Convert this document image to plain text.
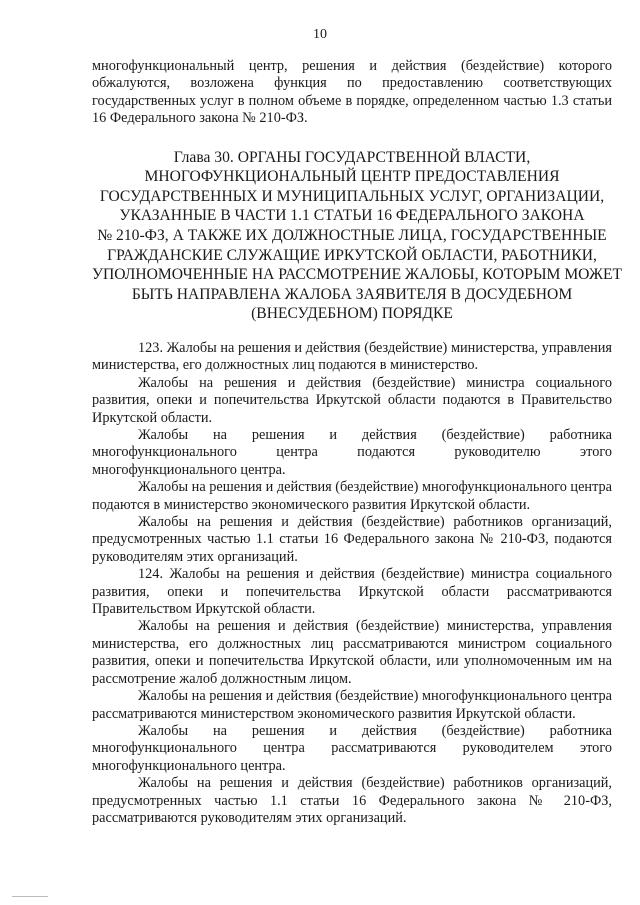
10

многофункциональный центр, решения и действия (бездействие) которого обжалуются, возложена функция по предоставлению соответствующих государственных услуг в полном объеме в порядке, определенном частью 1.3 статьи 16 Федерального закона № 210-ФЗ.

Глава 30. ОРГАНЫ ГОСУДАРСТВЕННОЙ ВЛАСТИ,
МНОГОФУНКЦИОНАЛЬНЫЙ ЦЕНТР ПРЕДОСТАВЛЕНИЯ
ГОСУДАРСТВЕННЫХ И МУНИЦИПАЛЬНЫХ УСЛУГ, ОРГАНИЗАЦИИ,
УКАЗАННЫЕ В ЧАСТИ 1.1 СТАТЬИ 16 ФЕДЕРАЛЬНОГО ЗАКОНА
№ 210-ФЗ, А ТАКЖЕ ИХ ДОЛЖНОСТНЫЕ ЛИЦА, ГОСУДАРСТВЕННЫЕ
ГРАЖДАНСКИЕ СЛУЖАЩИЕ ИРКУТСКОЙ ОБЛАСТИ, РАБОТНИКИ,
УПОЛНОМОЧЕННЫЕ НА РАССМОТРЕНИЕ ЖАЛОБЫ, КОТОРЫМ МОЖЕТ
БЫТЬ НАПРАВЛЕНА ЖАЛОБА ЗАЯВИТЕЛЯ В ДОСУДЕБНОМ
(ВНЕСУДЕБНОМ) ПОРЯДКЕ

123. Жалобы на решения и действия (бездействие) министерства, управления министерства, его должностных лиц подаются в министерство.

Жалобы на решения и действия (бездействие) министра социального развития, опеки и попечительства Иркутской области подаются в Правительство Иркутской области.

Жалобы на решения и действия (бездействие) работника многофункционального центра подаются руководителю этого многофункционального центра.

Жалобы на решения и действия (бездействие) многофункционального центра подаются в министерство экономического развития Иркутской области.

Жалобы на решения и действия (бездействие) работников организаций, предусмотренных частью 1.1 статьи 16 Федерального закона № 210-ФЗ, подаются руководителям этих организаций.

124. Жалобы на решения и действия (бездействие) министра социального развития, опеки и попечительства Иркутской области рассматриваются Правительством Иркутской области.

Жалобы на решения и действия (бездействие) министерства, управления министерства, его должностных лиц рассматриваются министром социального развития, опеки и попечительства Иркутской области, или уполномоченным им на рассмотрение жалоб должностным лицом.

Жалобы на решения и действия (бездействие) многофункционального центра рассматриваются министерством экономического развития Иркутской области.

Жалобы на решения и действия (бездействие) работника многофункционального центра рассматриваются руководителем этого многофункционального центра.

Жалобы на решения и действия (бездействие) работников организаций, предусмотренных частью 1.1 статьи 16 Федерального закона № 210-ФЗ, рассматриваются руководителям этих организаций.
